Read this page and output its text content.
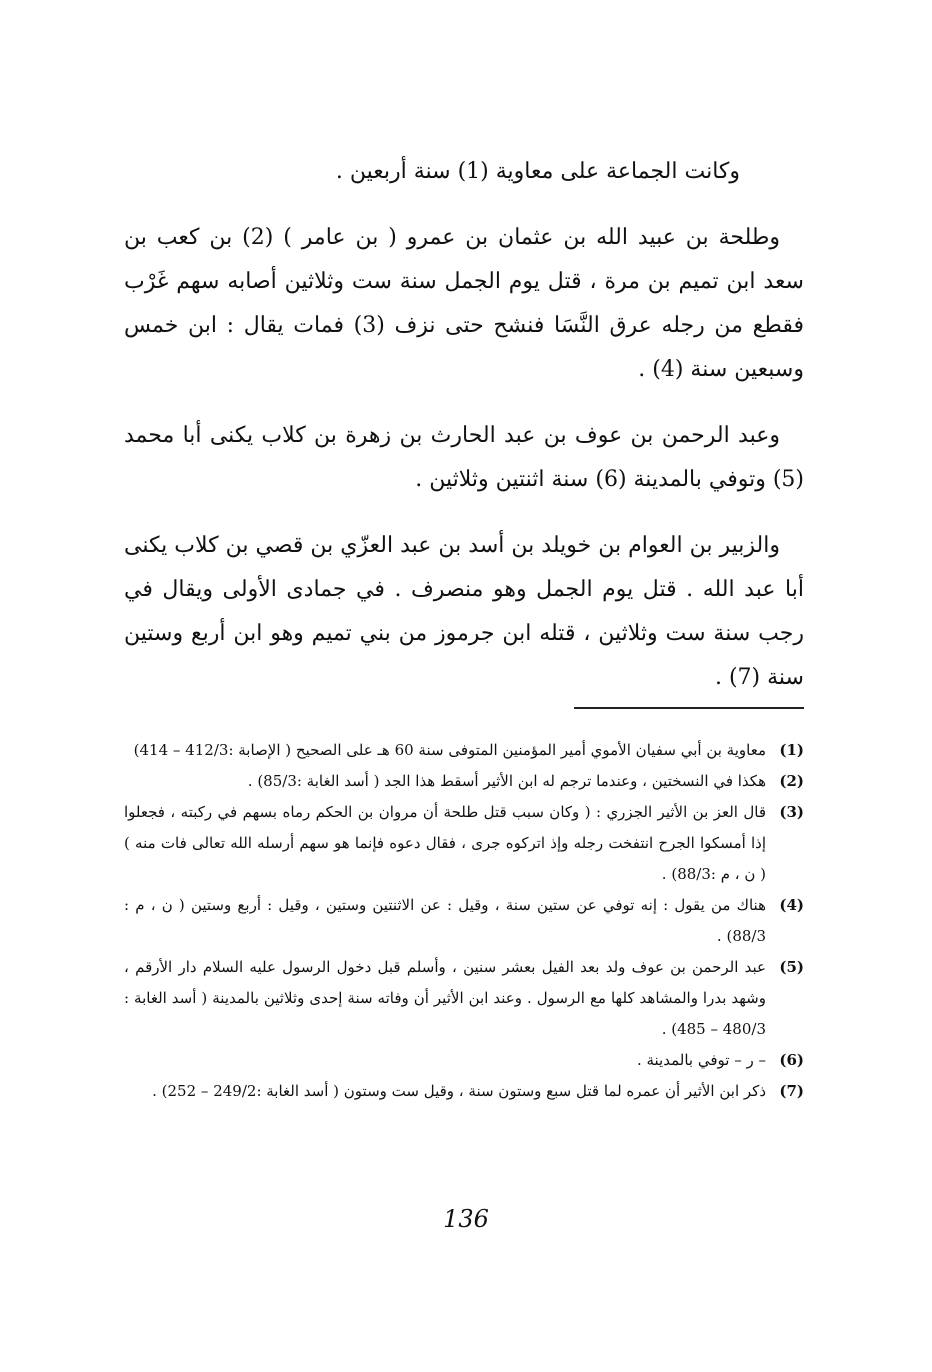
وكانت الجماعة على معاوية (1) سنة أربعين .

وطلحة بن عبيد الله بن عثمان بن عمرو ( بن عامر ) (2) بن كعب بن سعد ابن تميم بن مرة ، قتل يوم الجمل سنة ست وثلاثين أصابه سهم غَرْب فقطع من رجله عرق النَّسَا فنشح حتى نزف (3) فمات يقال : ابن خمس وسبعين سنة (4) .

وعبد الرحمن بن عوف بن عبد الحارث بن زهرة بن كلاب يكنى أبا محمد (5) وتوفي بالمدينة (6) سنة اثنتين وثلاثين .

والزبير بن العوام بن خويلد بن أسد بن عبد العزّي بن قصي بن كلاب يكنى أبا عبد الله . قتل يوم الجمل وهو منصرف . في جمادى الأولى ويقال في رجب سنة ست وثلاثين ، قتله ابن جرموز من بني تميم وهو ابن أربع وستين سنة (7) .

(1)
معاوية بن أبي سفيان الأموي أمير المؤمنين المتوفى سنة 60 هـ على الصحيح ( الإصابة :412/3 – 414)
(2)
هكذا في النسختين ، وعندما ترجم له ابن الأثير أسقط هذا الجد ( أسد الغابة :85/3) .
(3)
قال العز بن الأثير الجزري : ( وكان سبب قتل طلحة أن مروان بن الحكم رماه بسهم في ركبته ، فجعلوا إذا أمسكوا الجرح انتفخت رجله وإذ اتركوه جرى ، فقال دعوه فإنما هو سهم أرسله الله تعالى فات منه ) ( ن ، م :88/3) .
(4)
هناك من يقول : إنه توفي عن ستين سنة ، وقيل : عن الاثنتين وستين ، وقيل : أربع وستين ( ن ، م : 88/3) .
(5)
عبد الرحمن بن عوف ولد بعد الفيل بعشر سنين ، وأسلم قبل دخول الرسول عليه السلام دار الأرقم ، وشهد بدرا والمشاهد كلها مع الرسول . وعند ابن الأثير أن وفاته سنة إحدى وثلاثين بالمدينة ( أسد الغابة : 480/3 – 485) .
(6)
– ر – توفي بالمدينة .
(7)
ذكر ابن الأثير أن عمره لما قتل سبع وستون سنة ، وقيل ست وستون ( أسد الغابة :249/2 – 252) .
136
